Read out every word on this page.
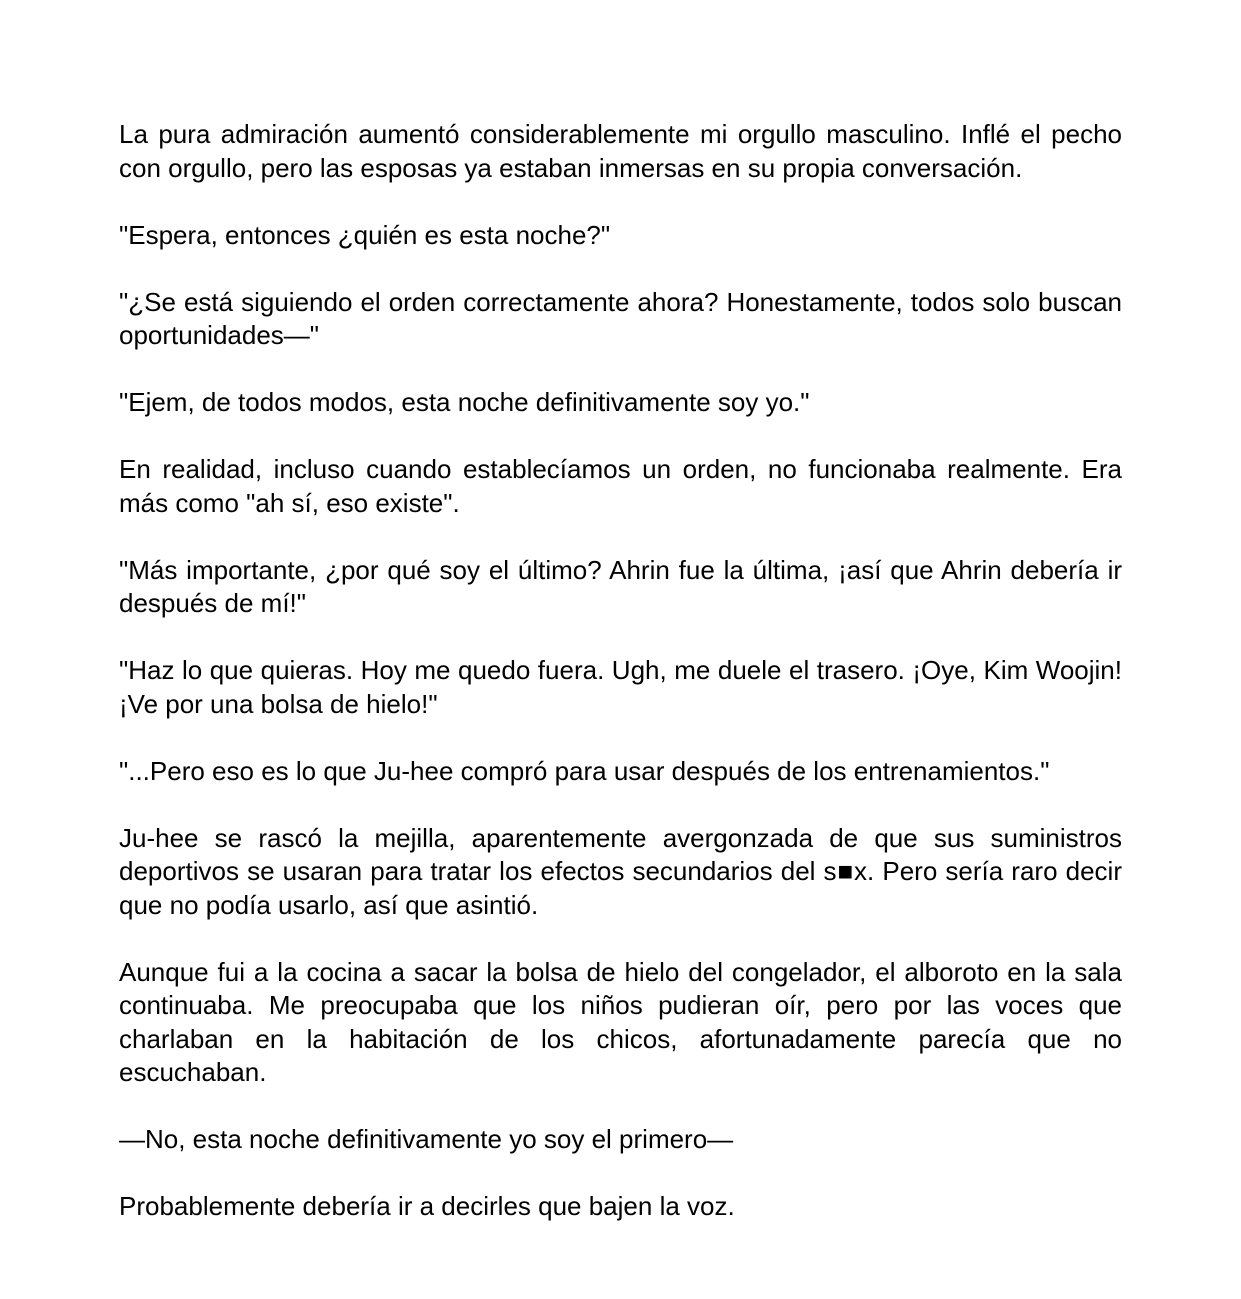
La pura admiración aumentó considerablemente mi orgullo masculino. Inflé el pecho con orgullo, pero las esposas ya estaban inmersas en su propia conversación.

"Espera, entonces ¿quién es esta noche?"

"¿Se está siguiendo el orden correctamente ahora? Honestamente, todos solo buscan oportunidades—"

"Ejem, de todos modos, esta noche definitivamente soy yo."

En realidad, incluso cuando establecíamos un orden, no funcionaba realmente. Era más como "ah sí, eso existe".

"Más importante, ¿por qué soy el último? Ahrin fue la última, ¡así que Ahrin debería ir después de mí!"

"Haz lo que quieras. Hoy me quedo fuera. Ugh, me duele el trasero. ¡Oye, Kim Woojin! ¡Ve por una bolsa de hielo!"

"...Pero eso es lo que Ju-hee compró para usar después de los entrenamientos."

Ju-hee se rascó la mejilla, aparentemente avergonzada de que sus suministros deportivos se usaran para tratar los efectos secundarios del s■x. Pero sería raro decir que no podía usarlo, así que asintió.

Aunque fui a la cocina a sacar la bolsa de hielo del congelador, el alboroto en la sala continuaba. Me preocupaba que los niños pudieran oír, pero por las voces que charlaban en la habitación de los chicos, afortunadamente parecía que no escuchaban.

—No, esta noche definitivamente yo soy el primero—

Probablemente debería ir a decirles que bajen la voz.
